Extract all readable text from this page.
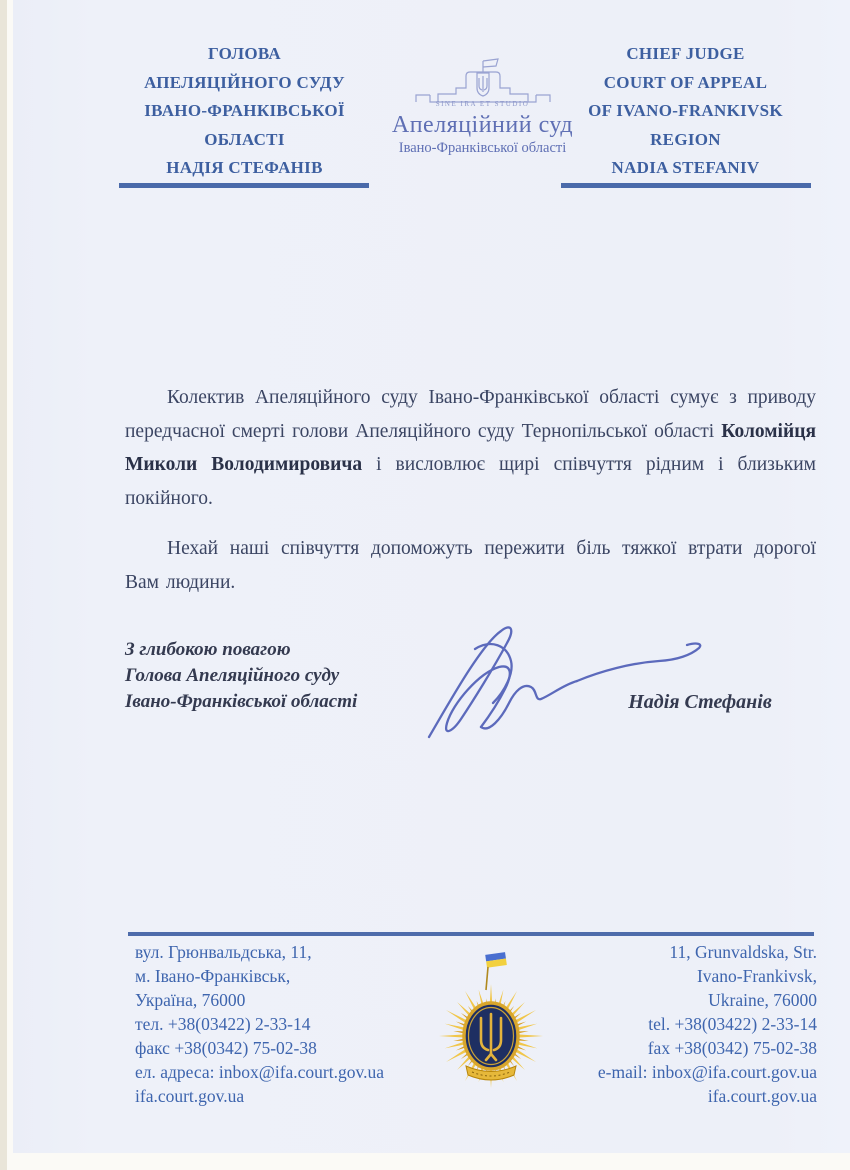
ГОЛОВА
АПЕЛЯЦІЙНОГО СУДУ
ІВАНО-ФРАНКІВСЬКОЇ
ОБЛАСТІ
НАДІЯ СТЕФАНІВ
CHIEF JUDGE
COURT OF APPEAL
OF IVANO-FRANKIVSK
REGION
NADIA STEFANIV
SINE IRA ET STUDIO
Апеляційний суд
Івано-Франківської області

Колектив Апеляційного суду Івано-Франківської області сумує з приводу передчасної смерті голови Апеляційного суду Тернопільської області Коломійця Миколи Володимировича і висловлює щирі співчуття рідним і близьким покійного.

Нехай наші співчуття допоможуть пережити біль тяжкої втрати дорогої Вам людини.

З глибокою повагою
Голова Апеляційного суду
Івано-Франківської області	Надія Стефанів
вул. Грюнвальдська, 11,
м. Івано-Франківськ,
Україна, 76000
тел. +38(03422) 2-33-14
факс +38(0342) 75-02-38
ел. адреса: inbox@ifa.court.gov.ua
ifa.court.gov.ua
11, Grunvaldska, Str.
Ivano-Frankivsk,
Ukraine, 76000
tel. +38(03422) 2-33-14
fax +38(0342) 75-02-38
e-mail: inbox@ifa.court.gov.ua
ifa.court.gov.ua
